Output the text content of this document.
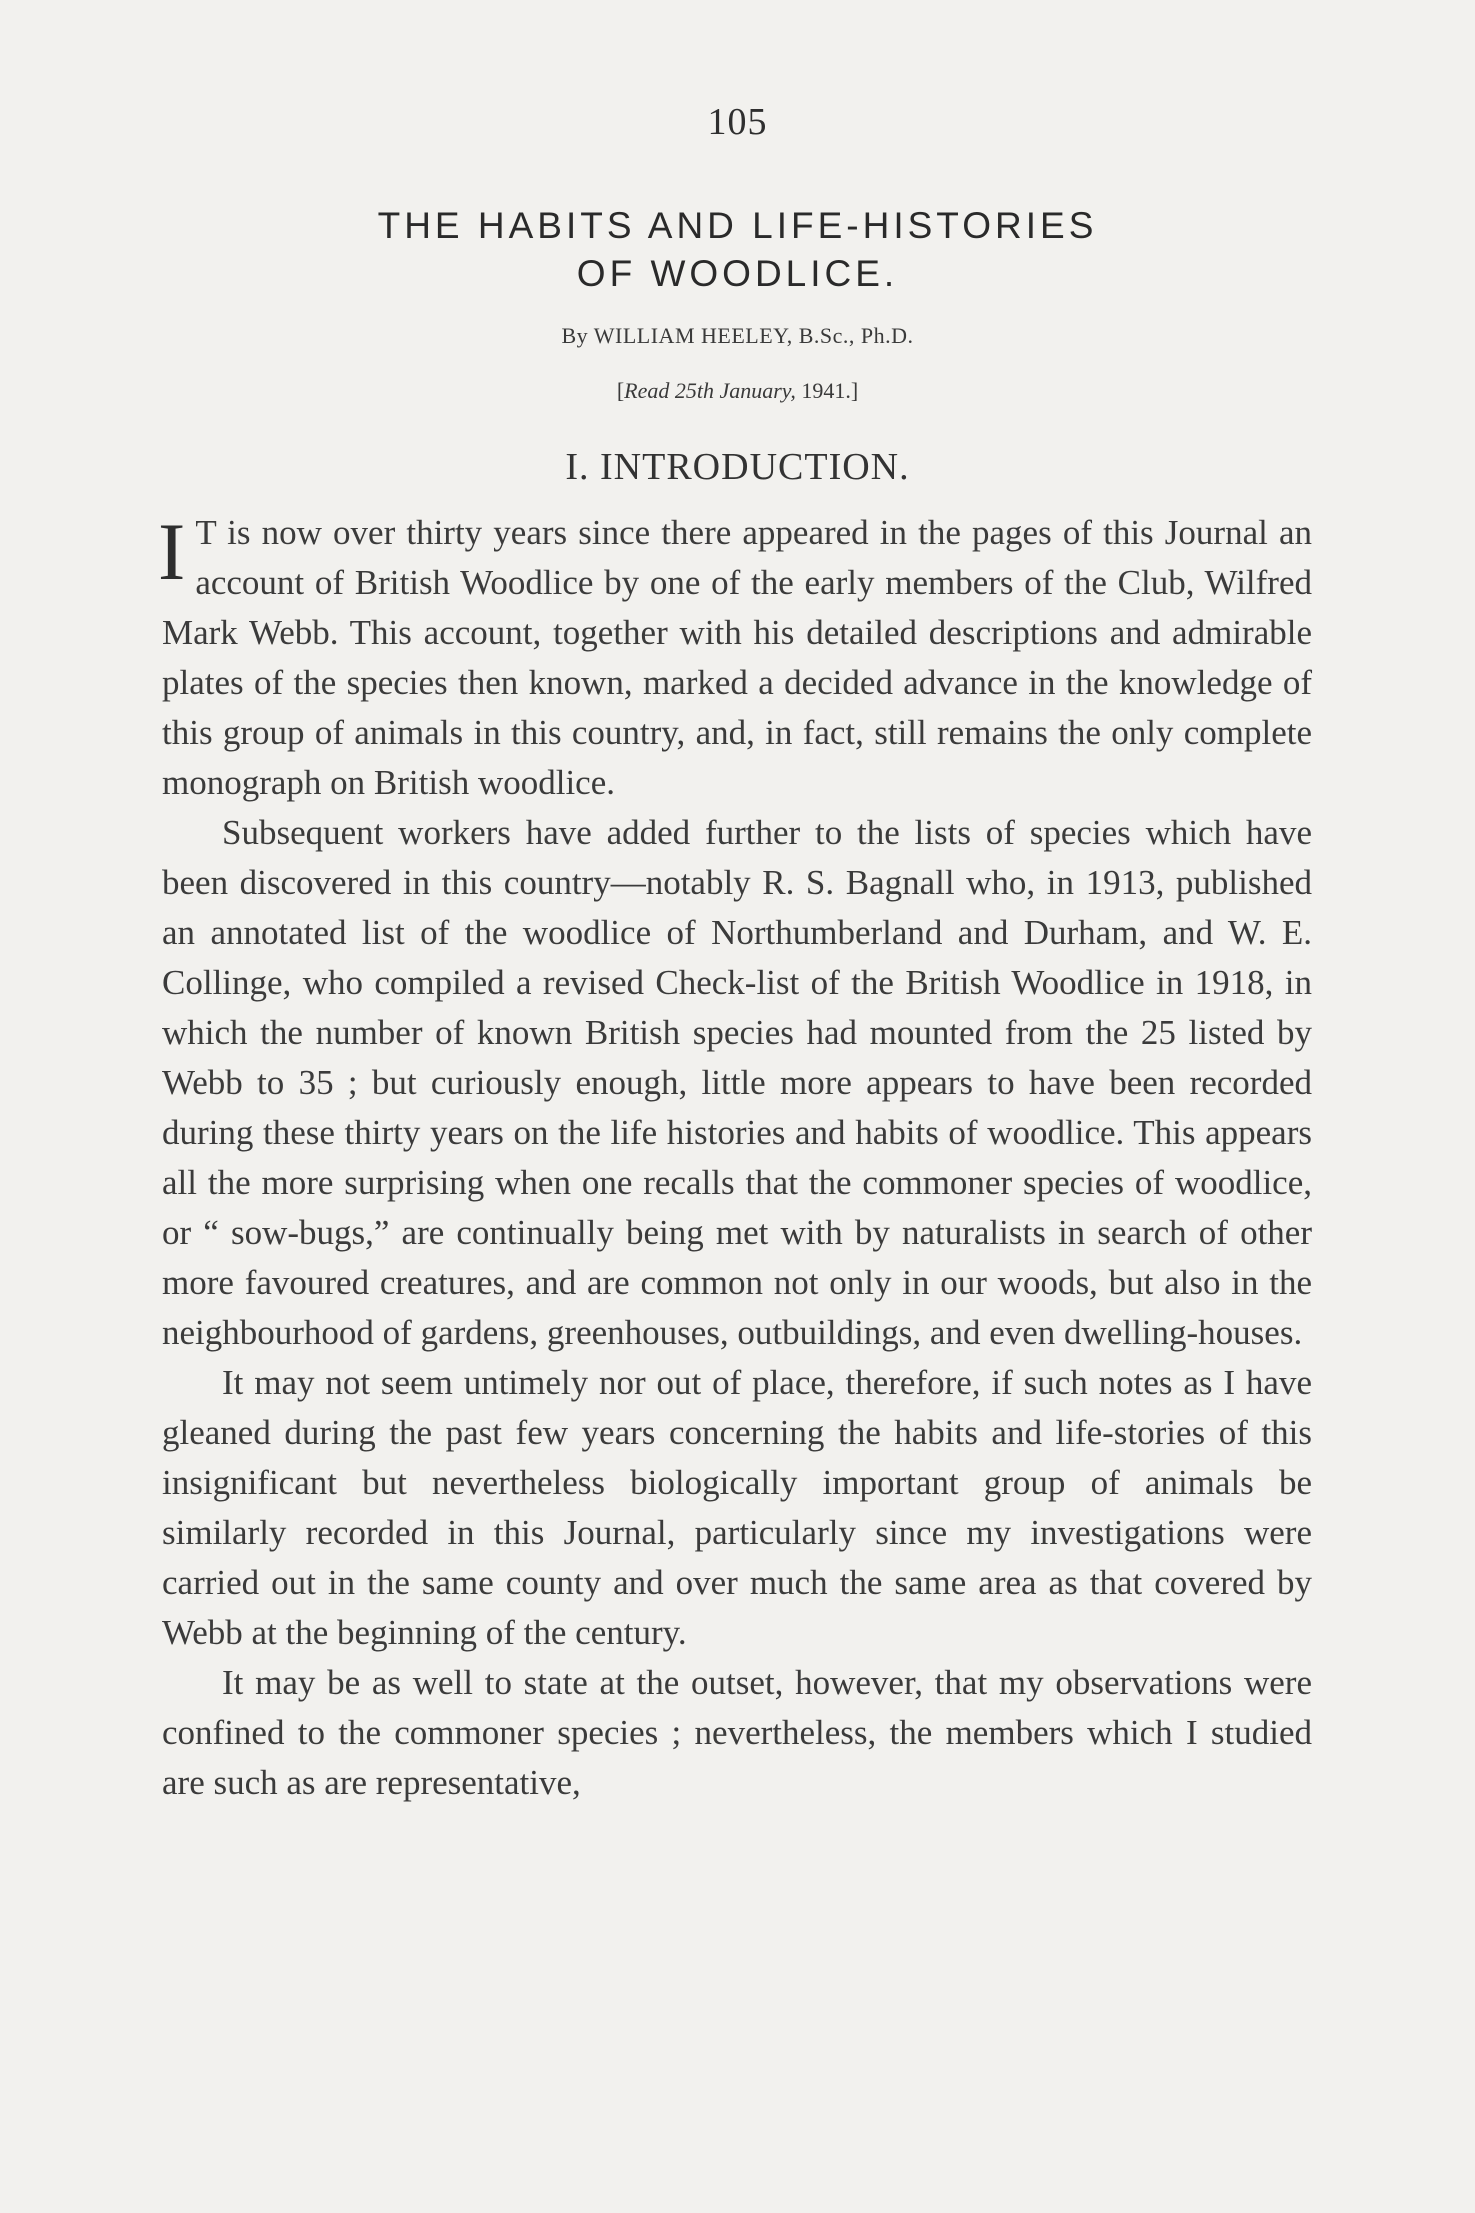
105
THE HABITS AND LIFE-HISTORIES
OF WOODLICE.
By WILLIAM HEELEY, B.Sc., Ph.D.
[Read 25th January, 1941.]
I. INTRODUCTION.

I T is now over thirty years since there appeared in the pages of this Journal an account of British Woodlice by one of the early members of the Club, Wilfred Mark Webb. This account, together with his detailed descriptions and admirable plates of the species then known, marked a decided advance in the knowledge of this group of animals in this country, and, in fact, still remains the only complete monograph on British woodlice.

Subsequent workers have added further to the lists of species which have been discovered in this country—notably R. S. Bagnall who, in 1913, published an annotated list of the woodlice of Northumberland and Durham, and W. E. Collinge, who compiled a revised Check-list of the British Woodlice in 1918, in which the number of known British species had mounted from the 25 listed by Webb to 35 ; but curiously enough, little more appears to have been recorded during these thirty years on the life histories and habits of woodlice. This appears all the more surprising when one recalls that the commoner species of woodlice, or “ sow-bugs,” are continually being met with by naturalists in search of other more favoured creatures, and are common not only in our woods, but also in the neighbourhood of gardens, greenhouses, outbuildings, and even dwelling-houses.

It may not seem untimely nor out of place, therefore, if such notes as I have gleaned during the past few years concerning the habits and life-stories of this insignificant but nevertheless biologically important group of animals be similarly recorded in this Journal, particularly since my investigations were carried out in the same county and over much the same area as that covered by Webb at the beginning of the century.

It may be as well to state at the outset, however, that my observations were confined to the commoner species ; nevertheless, the members which I studied are such as are representative,
